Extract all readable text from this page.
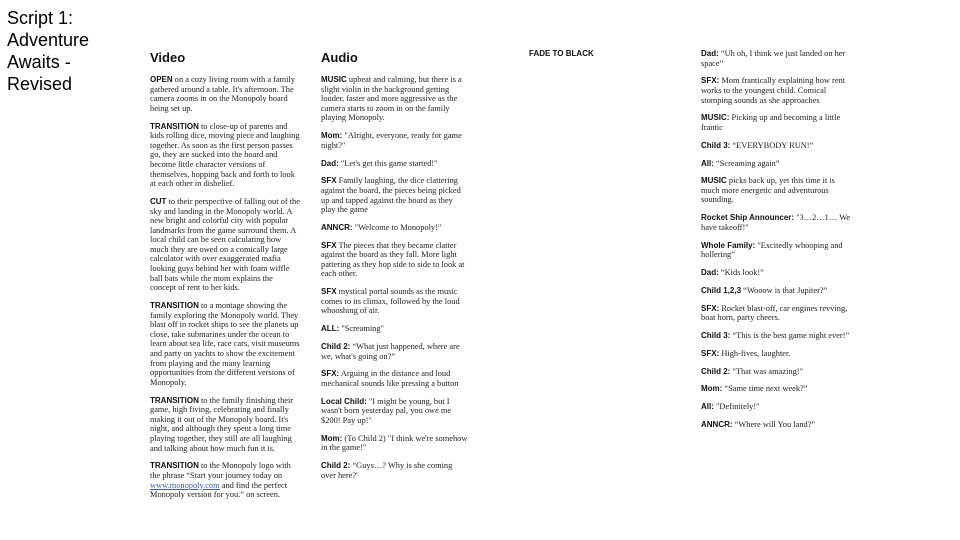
Script 1: Adventure Awaits - Revised
Video

OPEN on a cozy living room with a family gathered around a table. It's afternoon. The camera zooms in on the Monopoly board being set up.

TRANSITION to close-up of parents and kids rolling dice, moving piece and laughing together. As soon as the first person passes go, they are sucked into the board and become little character versions of themselves, hopping back and forth to look at each other in disbelief.

CUT to their perspective of falling out of the sky and landing in the Monopoly world. A new bright and colorful city with popular landmarks from the game surround them. A local child can be seen calculating how much they are owed on a comically large calculator with over exaggerated mafia looking guys behind her with foam wiffle ball bats while the mom explains the concept of rent to her kids.

TRANSITION to a montage showing the family exploring the Monopoly world. They blast off in rocket ships to see the planets up close, take submarines under the ocean to learn about sea life, race cars, visit museums and party on yachts to show the excitement from playing and the many learning opportunities from the different versions of Monopoly.

TRANSITION to the family finishing their game, high fiving, celebrating and finally making it out of the Monopoly board. It's night, and although they spent a long time playing together, they still are all laughing and talking about how much fun it is.

TRANSITION to the Monopoly logo with the phrase “Start your journey today on www.monopoly.com and find the perfect Monopoly version for you.” on screen.

Audio

MUSIC upbeat and calming, but there is a slight violin in the background getting louder, faster and more aggressive as the camera starts to zoom in on the family playing Monopoly.

Mom: "Alright, everyone, ready for game night?"

Dad: "Let's get this game started!"

SFX Family laughing, the dice clattering against the board, the pieces being picked up and tapped against the board as they play the game

ANNCR: "Welcome to Monopoly!"

SFX The pieces that they became clatter against the board as they fall. More light pattering as they hop side to side to look at each other.

SFX mystical portal sounds as the music comes to its climax, followed by the loud whooshing of air.

ALL: "Screaming"

Child 2: “What just happened, where are we, what's going on?”

SFX: Arguing in the distance and loud mechanical sounds like pressing a button

Local Child: "I might be young, but I wasn't born yesterday pal, you owe me $200! Pay up!"

Mom: (To Child 2) "I think we're somehow in the game!"

Child 2: “Guys…? Why is she coming over here?'

FADE TO BLACK	Dad: “Uh oh, I think we just landed on her space”

SFX: Mom frantically explaining how rent works to the youngest child. Comical stomping sounds as she approaches

MUSIC: Picking up and becoming a little frantic

Child 3: “EVERYBODY RUN!”

All: “Screaming again”

MUSIC picks back up, yet this time it is much more energetic and adventurous sounding.

Rocket Ship Announcer: "3…2…1… We have takeoff!"

Whole Family: "Excitedly whooping and hollering”

Dad: “Kids look!”

Child 1,2,3 “Wooow is that Jupiter?”

SFX: Rocket blast-off, car engines revving, boat horn, party cheers.

Child 3: “This is the best game night ever!”

SFX: High-fives, laughter.

Child 2: "That was amazing!"

Mom: “Same time next week?”

All: "Definitely!"

ANNCR: “Where will You land?”
